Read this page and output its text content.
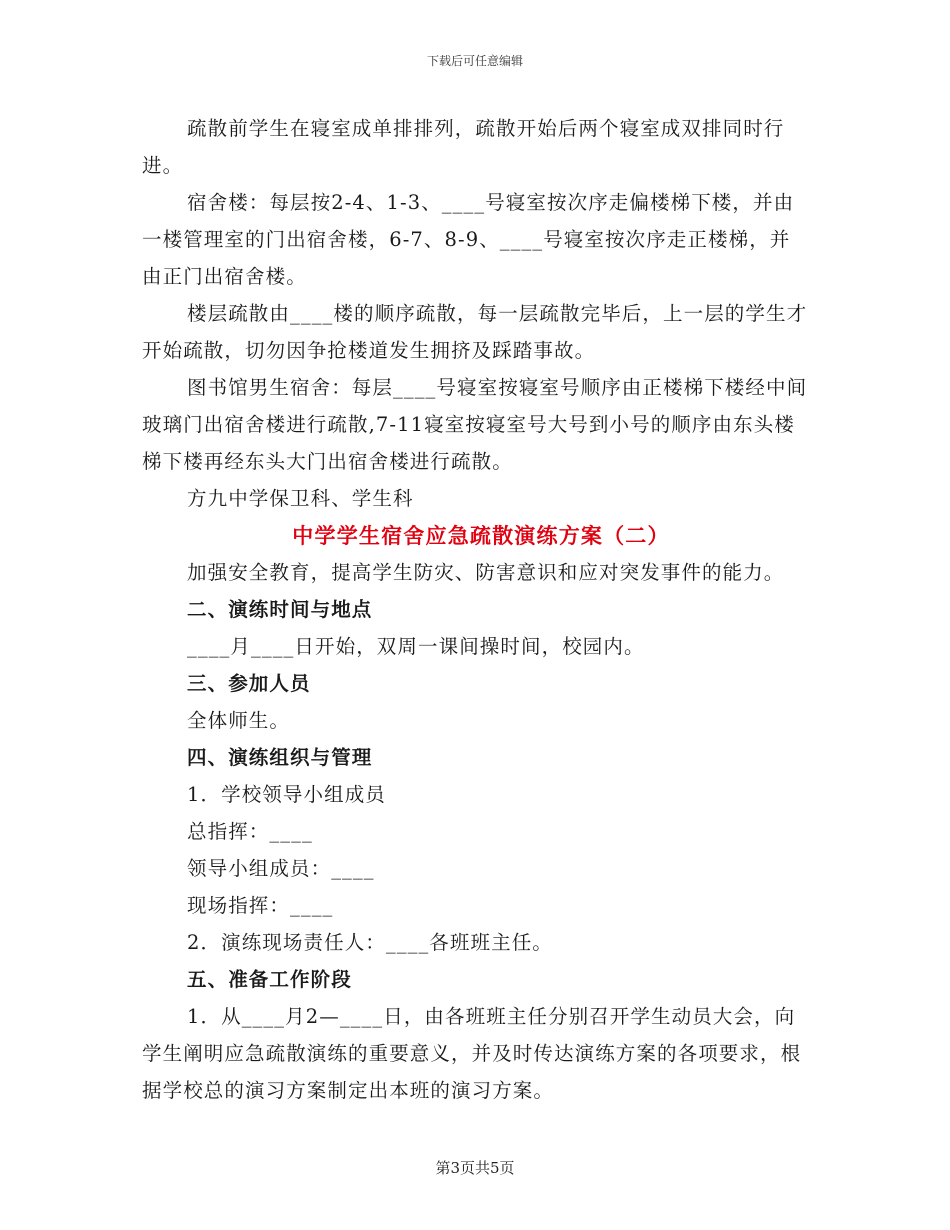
下载后可任意编辑

疏散前学生在寝室成单排排列，疏散开始后两个寝室成双排同时行进。

宿舍楼：每层按2-4、1-3、____号寝室按次序走偏楼梯下楼，并由一楼管理室的门出宿舍楼，6-7、8-9、____号寝室按次序走正楼梯，并由正门出宿舍楼。

楼层疏散由____楼的顺序疏散，每一层疏散完毕后，上一层的学生才开始疏散，切勿因争抢楼道发生拥挤及踩踏事故。

图书馆男生宿舍：每层____号寝室按寝室号顺序由正楼梯下楼经中间玻璃门出宿舍楼进行疏散,7-11寝室按寝室号大号到小号的顺序由东头楼梯下楼再经东头大门出宿舍楼进行疏散。

方九中学保卫科、学生科

中学学生宿舍应急疏散演练方案（二）

加强安全教育，提高学生防灾、防害意识和应对突发事件的能力。

二、演练时间与地点

____月____日开始，双周一课间操时间，校园内。

三、参加人员

全体师生。

四、演练组织与管理

1．学校领导小组成员

总指挥：____

领导小组成员：____

现场指挥：____

2．演练现场责任人：____各班班主任。

五、准备工作阶段

1．从____月2—____日，由各班班主任分别召开学生动员大会，向学生阐明应急疏散演练的重要意义，并及时传达演练方案的各项要求，根据学校总的演习方案制定出本班的演习方案。

第3页共5页
